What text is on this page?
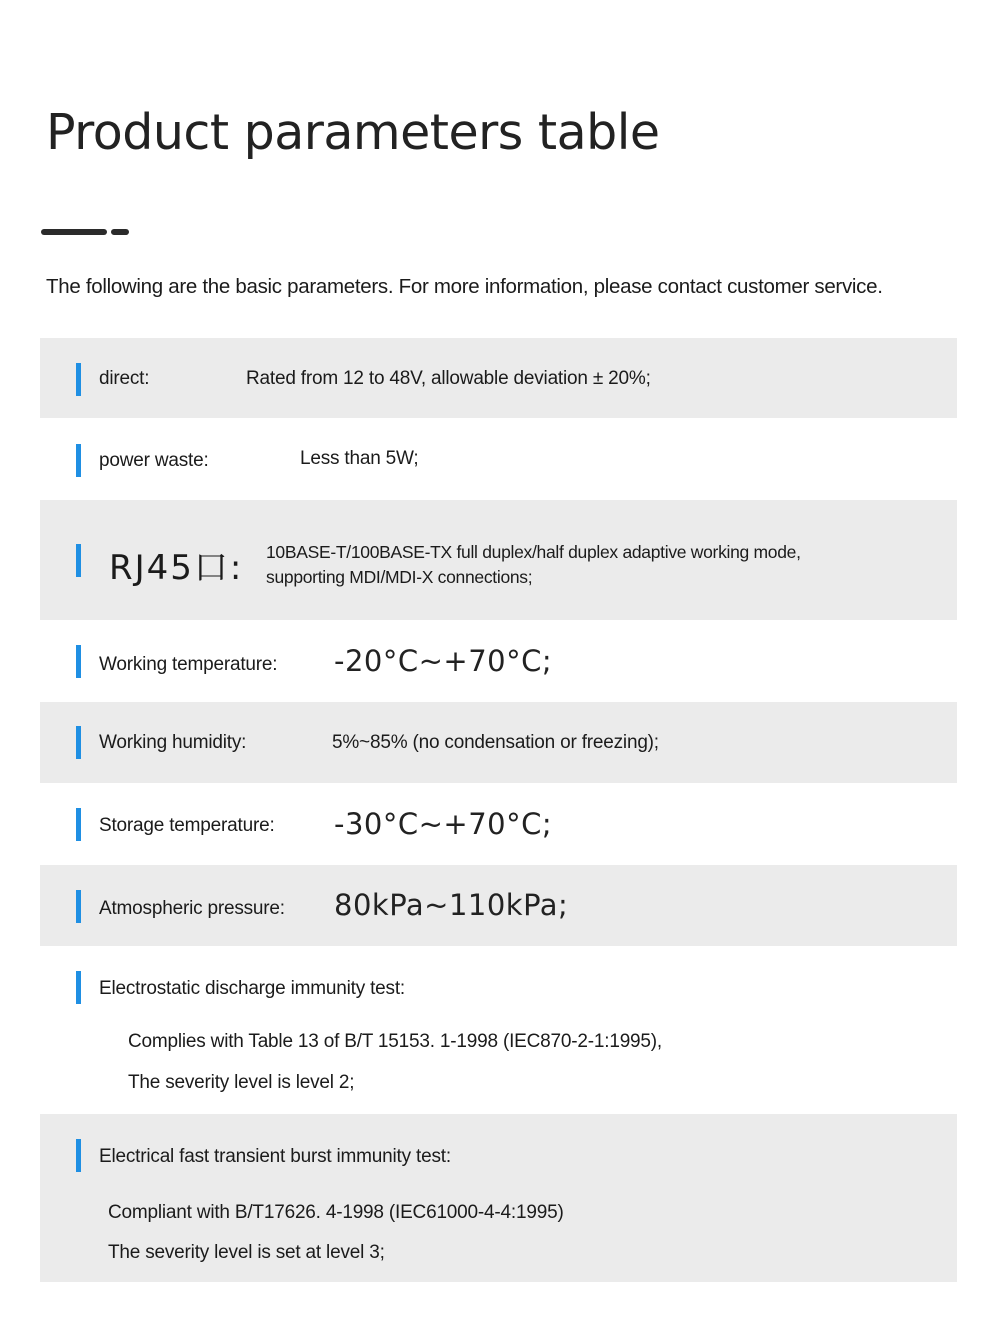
Product parameters table
The following are the basic parameters. For more information, please contact customer service.
direct:	Rated from 12 to 48V, allowable deviation ± 20%;
power waste:	Less than 5W;
RJ45口: 10BASE-T/100BASE-TX full duplex/half duplex adaptive working mode,
supporting MDI/MDI-X connections;
Working temperature: -20°C~+70°C;
Working humidity:	5%~85% (no condensation or freezing);
Storage temperature: -30°C~+70°C;
Atmospheric pressure: 80kPa~110kPa;
Electrostatic discharge immunity test:
Complies with Table 13 of B/T 15153. 1-1998 (IEC870-2-1:1995),
The severity level is level 2;
Electrical fast transient burst immunity test:
Compliant with B/T17626. 4-1998 (IEC61000-4-4:1995)
The severity level is set at level 3;
